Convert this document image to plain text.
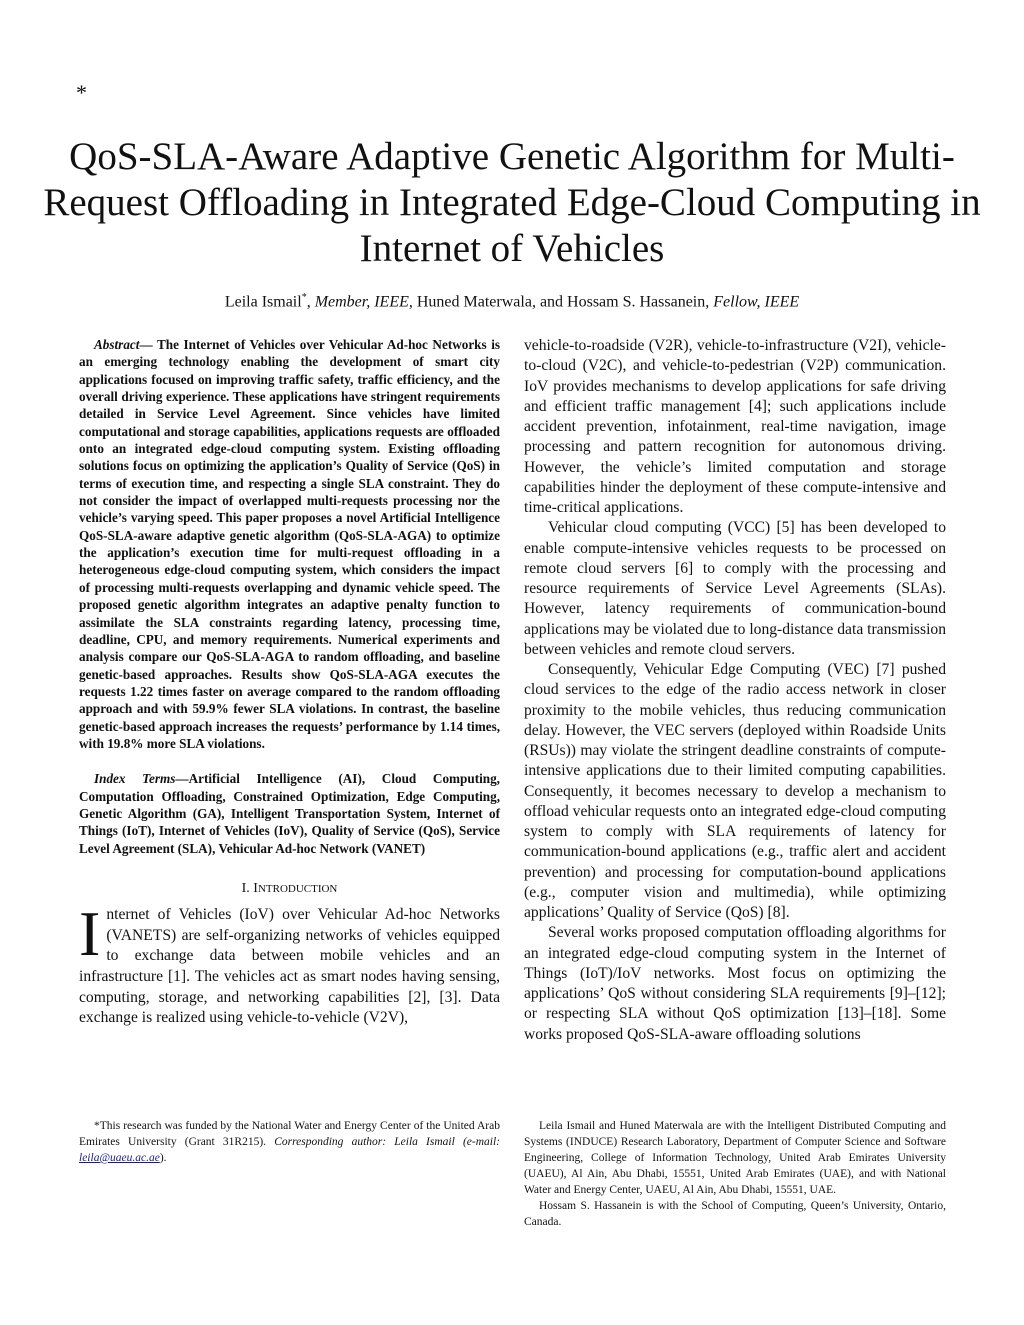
*
QoS-SLA-Aware Adaptive Genetic Algorithm for Multi-Request Offloading in Integrated Edge-Cloud Computing in Internet of Vehicles
Leila Ismail*, Member, IEEE, Huned Materwala, and Hossam S. Hassanein, Fellow, IEEE

Abstract— The Internet of Vehicles over Vehicular Ad-hoc Networks is an emerging technology enabling the development of smart city applications focused on improving traffic safety, traffic efficiency, and the overall driving experience. These applications have stringent requirements detailed in Service Level Agreement. Since vehicles have limited computational and storage capabilities, applications requests are offloaded onto an integrated edge-cloud computing system. Existing offloading solutions focus on optimizing the application’s Quality of Service (QoS) in terms of execution time, and respecting a single SLA constraint. They do not consider the impact of overlapped multi-requests processing nor the vehicle’s varying speed. This paper proposes a novel Artificial Intelligence QoS-SLA-aware adaptive genetic algorithm (QoS-SLA-AGA) to optimize the application’s execution time for multi-request offloading in a heterogeneous edge-cloud computing system, which considers the impact of processing multi-requests overlapping and dynamic vehicle speed. The proposed genetic algorithm integrates an adaptive penalty function to assimilate the SLA constraints regarding latency, processing time, deadline, CPU, and memory requirements. Numerical experiments and analysis compare our QoS-SLA-AGA to random offloading, and baseline genetic-based approaches. Results show QoS-SLA-AGA executes the requests 1.22 times faster on average compared to the random offloading approach and with 59.9% fewer SLA violations. In contrast, the baseline genetic-based approach increases the requests’ performance by 1.14 times, with 19.8% more SLA violations.

Index Terms—Artificial Intelligence (AI), Cloud Computing, Computation Offloading, Constrained Optimization, Edge Computing, Genetic Algorithm (GA), Intelligent Transportation System, Internet of Things (IoT), Internet of Vehicles (IoV), Quality of Service (QoS), Service Level Agreement (SLA), Vehicular Ad-hoc Network (VANET)

I. INTRODUCTION

Internet of Vehicles (IoV) over Vehicular Ad-hoc Networks (VANETS) are self-organizing networks of vehicles equipped to exchange data between mobile vehicles and an infrastructure [1]. The vehicles act as smart nodes having sensing, computing, storage, and networking capabilities [2], [3]. Data exchange is realized using vehicle-to-vehicle (V2V),

vehicle-to-roadside (V2R), vehicle-to-infrastructure (V2I), vehicle-to-cloud (V2C), and vehicle-to-pedestrian (V2P) communication. IoV provides mechanisms to develop applications for safe driving and efficient traffic management [4]; such applications include accident prevention, infotainment, real-time navigation, image processing and pattern recognition for autonomous driving. However, the vehicle’s limited computation and storage capabilities hinder the deployment of these compute-intensive and time-critical applications.

Vehicular cloud computing (VCC) [5] has been developed to enable compute-intensive vehicles requests to be processed on remote cloud servers [6] to comply with the processing and resource requirements of Service Level Agreements (SLAs). However, latency requirements of communication-bound applications may be violated due to long-distance data transmission between vehicles and remote cloud servers.

Consequently, Vehicular Edge Computing (VEC) [7] pushed cloud services to the edge of the radio access network in closer proximity to the mobile vehicles, thus reducing communication delay. However, the VEC servers (deployed within Roadside Units (RSUs)) may violate the stringent deadline constraints of compute-intensive applications due to their limited computing capabilities. Consequently, it becomes necessary to develop a mechanism to offload vehicular requests onto an integrated edge-cloud computing system to comply with SLA requirements of latency for communication-bound applications (e.g., traffic alert and accident prevention) and processing for computation-bound applications (e.g., computer vision and multimedia), while optimizing applications’ Quality of Service (QoS) [8].

Several works proposed computation offloading algorithms for an integrated edge-cloud computing system in the Internet of Things (IoT)/IoV networks. Most focus on optimizing the applications’ QoS without considering SLA requirements [9]–[12]; or respecting SLA without QoS optimization [13]–[18]. Some works proposed QoS-SLA-aware offloading solutions

*This research was funded by the National Water and Energy Center of the United Arab Emirates University (Grant 31R215). Corresponding author: Leila Ismail (e-mail: leila@uaeu.ac.ae).

Leila Ismail and Huned Materwala are with the Intelligent Distributed Computing and Systems (INDUCE) Research Laboratory, Department of Computer Science and Software Engineering, College of Information Technology, United Arab Emirates University (UAEU), Al Ain, Abu Dhabi, 15551, United Arab Emirates (UAE), and with National Water and Energy Center, UAEU, Al Ain, Abu Dhabi, 15551, UAE.

Hossam S. Hassanein is with the School of Computing, Queen’s University, Ontario, Canada.
